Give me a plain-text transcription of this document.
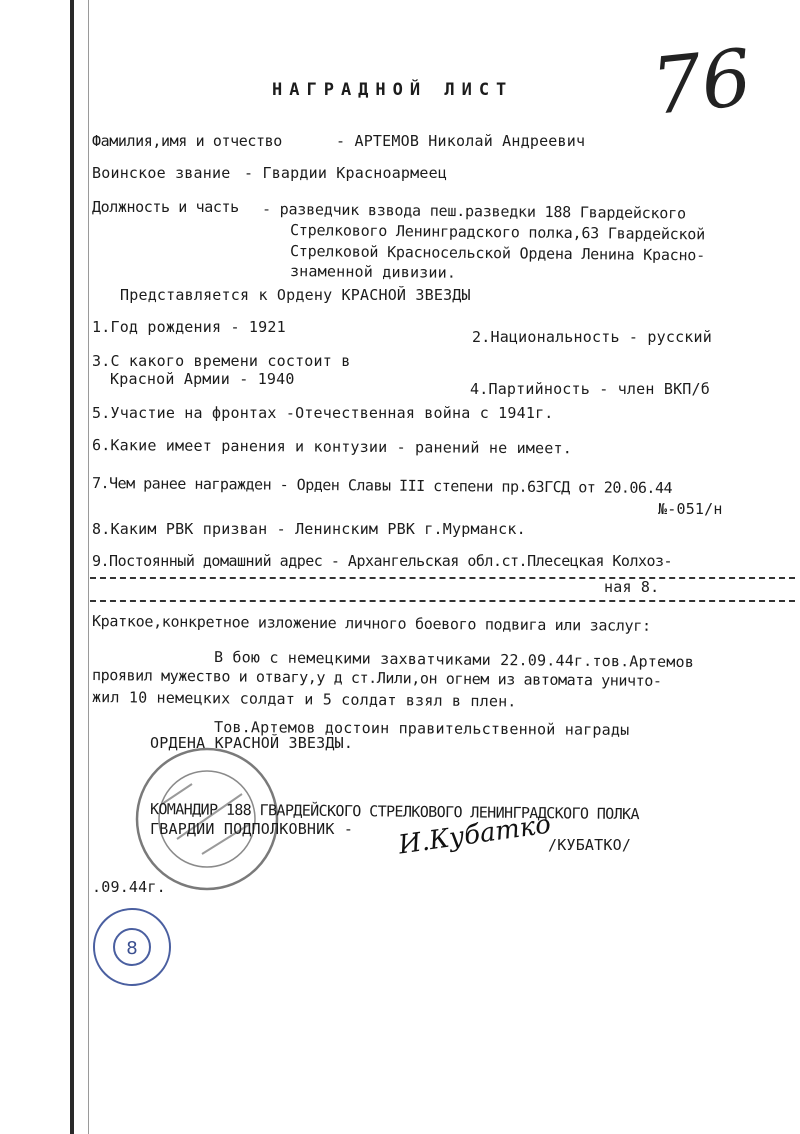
НАГРАДНОЙ ЛИСТ 76
Фамилия,имя и отчество	- АРТЕМОВ Николай Андреевич
Воинское звание - Гвардии Красноармеец
Должность и часть - разведчик взвода пеш.разведки 188 Гвардейского
Стрелкового Ленинградского полка,63 Гвардейской
Стрелковой Красносельской Ордена Ленина Красно-
знаменной дивизии.
Представляется к Ордену КРАСНОЙ ЗВЕЗДЫ
1.Год рождения - 1921
2.Национальность - русский
3.С какого времени состоит в
Красной Армии - 1940
4.Партийность - член ВКП/б
5.Участие на фронтах -Отечественная война с 1941г.
6.Какие имеет ранения и контузии - ранений не имеет.
7.Чем ранее награжден - Орден Славы III степени пр.63ГСД от 20.06.44
№-051/н
8.Каким РВК призван - Ленинским РВК г.Мурманск.
9.Постоянный домашний адрес - Архангельская обл.ст.Плесецкая Колхоз-
ная 8.
Краткое,конкретное изложение личного боевого подвига или заслуг:
В бою с немецкими захватчиками 22.09.44г.тов.Артемов
проявил мужество и отвагу,у д ст.Лили,он огнем из автомата уничто-
жил 10 немецких солдат и 5 солдат взял в плен.
Тов.Артемов достоин правительственной награды
ОРДЕНА КРАСНОЙ ЗВЕЗДЫ.
КОМАНДИР 188 ГВАРДЕЙСКОГО СТРЕЛКОВОГО ЛЕНИНГРАДСКОГО ПОЛКА
ГВАРДИИ ПОДПОЛКОВНИК - И.Кубатко
/КУБАТКО/
.09.44г.
8
